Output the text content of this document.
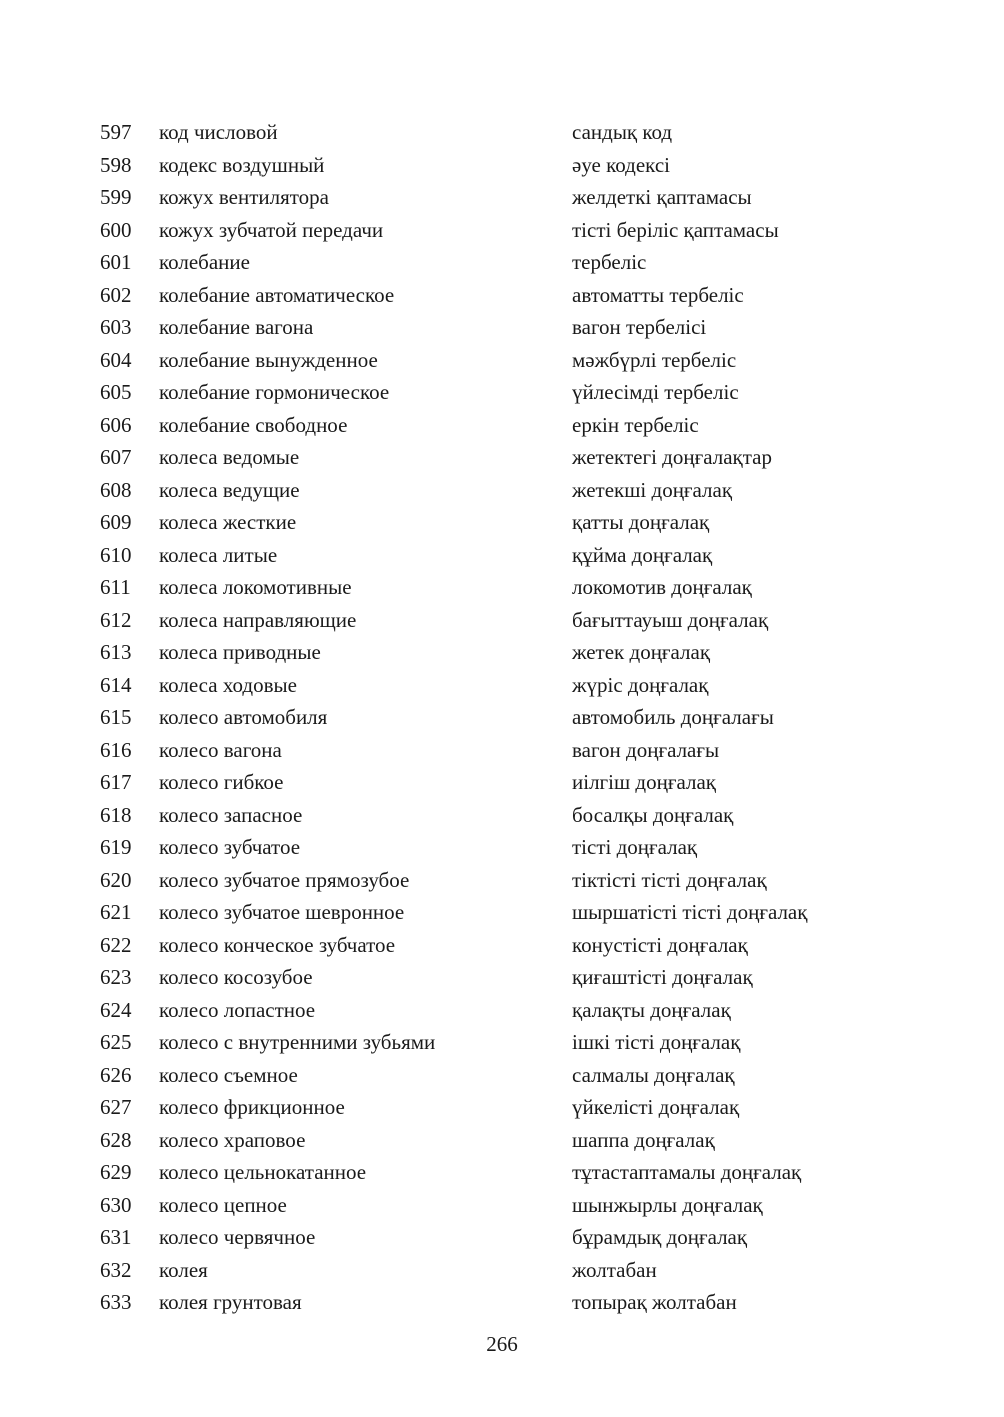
597 код числовой	сандық код
598 кодекс воздушный	әуе кодексі
599 кожух вентилятора	желдеткі қаптамасы
600 кожух зубчатой передачи	тісті беріліс қаптамасы
601 колебание	тербеліс
602 колебание автоматическое	автоматты тербеліс
603 колебание вагона	вагон тербелісі
604 колебание вынужденное	мәжбүрлі тербеліс
605 колебание гормоническое	үйлесімді тербеліс
606 колебание свободное	еркін тербеліс
607 колеса ведомые	жетектегі доңғалақтар
608 колеса ведущие	жетекші доңғалақ
609 колеса жесткие	қатты доңғалақ
610 колеса литые	құйма доңғалақ
611 колеса локомотивные	локомотив доңғалақ
612 колеса направляющие	бағыттауыш доңғалақ
613 колеса приводные	жетек доңғалақ
614 колеса ходовые	жүріс доңғалақ
615 колесо автомобиля	автомобиль доңғалағы
616 колесо вагона	вагон доңғалағы
617 колесо гибкое	иілгіш доңғалақ
618 колесо запасное	босалқы доңғалақ
619 колесо зубчатое	тісті доңғалақ
620 колесо зубчатое прямозубое	тіктісті тісті доңғалақ
621 колесо зубчатое шевронное	шыршатісті тісті доңғалақ
622 колесо конческое зубчатое	конустісті доңғалақ
623 колесо косозубое	қиғаштісті доңғалақ
624 колесо лопастное	қалақты доңғалақ
625 колесо с внутренними зубьями	ішкі тісті доңғалақ
626 колесо съемное	салмалы доңғалақ
627 колесо фрикционное	үйкелісті доңғалақ
628 колесо храповое	шаппа доңғалақ
629 колесо цельнокатанное	тұтастаптамалы доңғалақ
630 колесо цепное	шынжырлы доңғалақ
631 колесо червячное	бұрамдық доңғалақ
632 колея	жолтабан
633 колея грунтовая	топырақ жолтабан
266
